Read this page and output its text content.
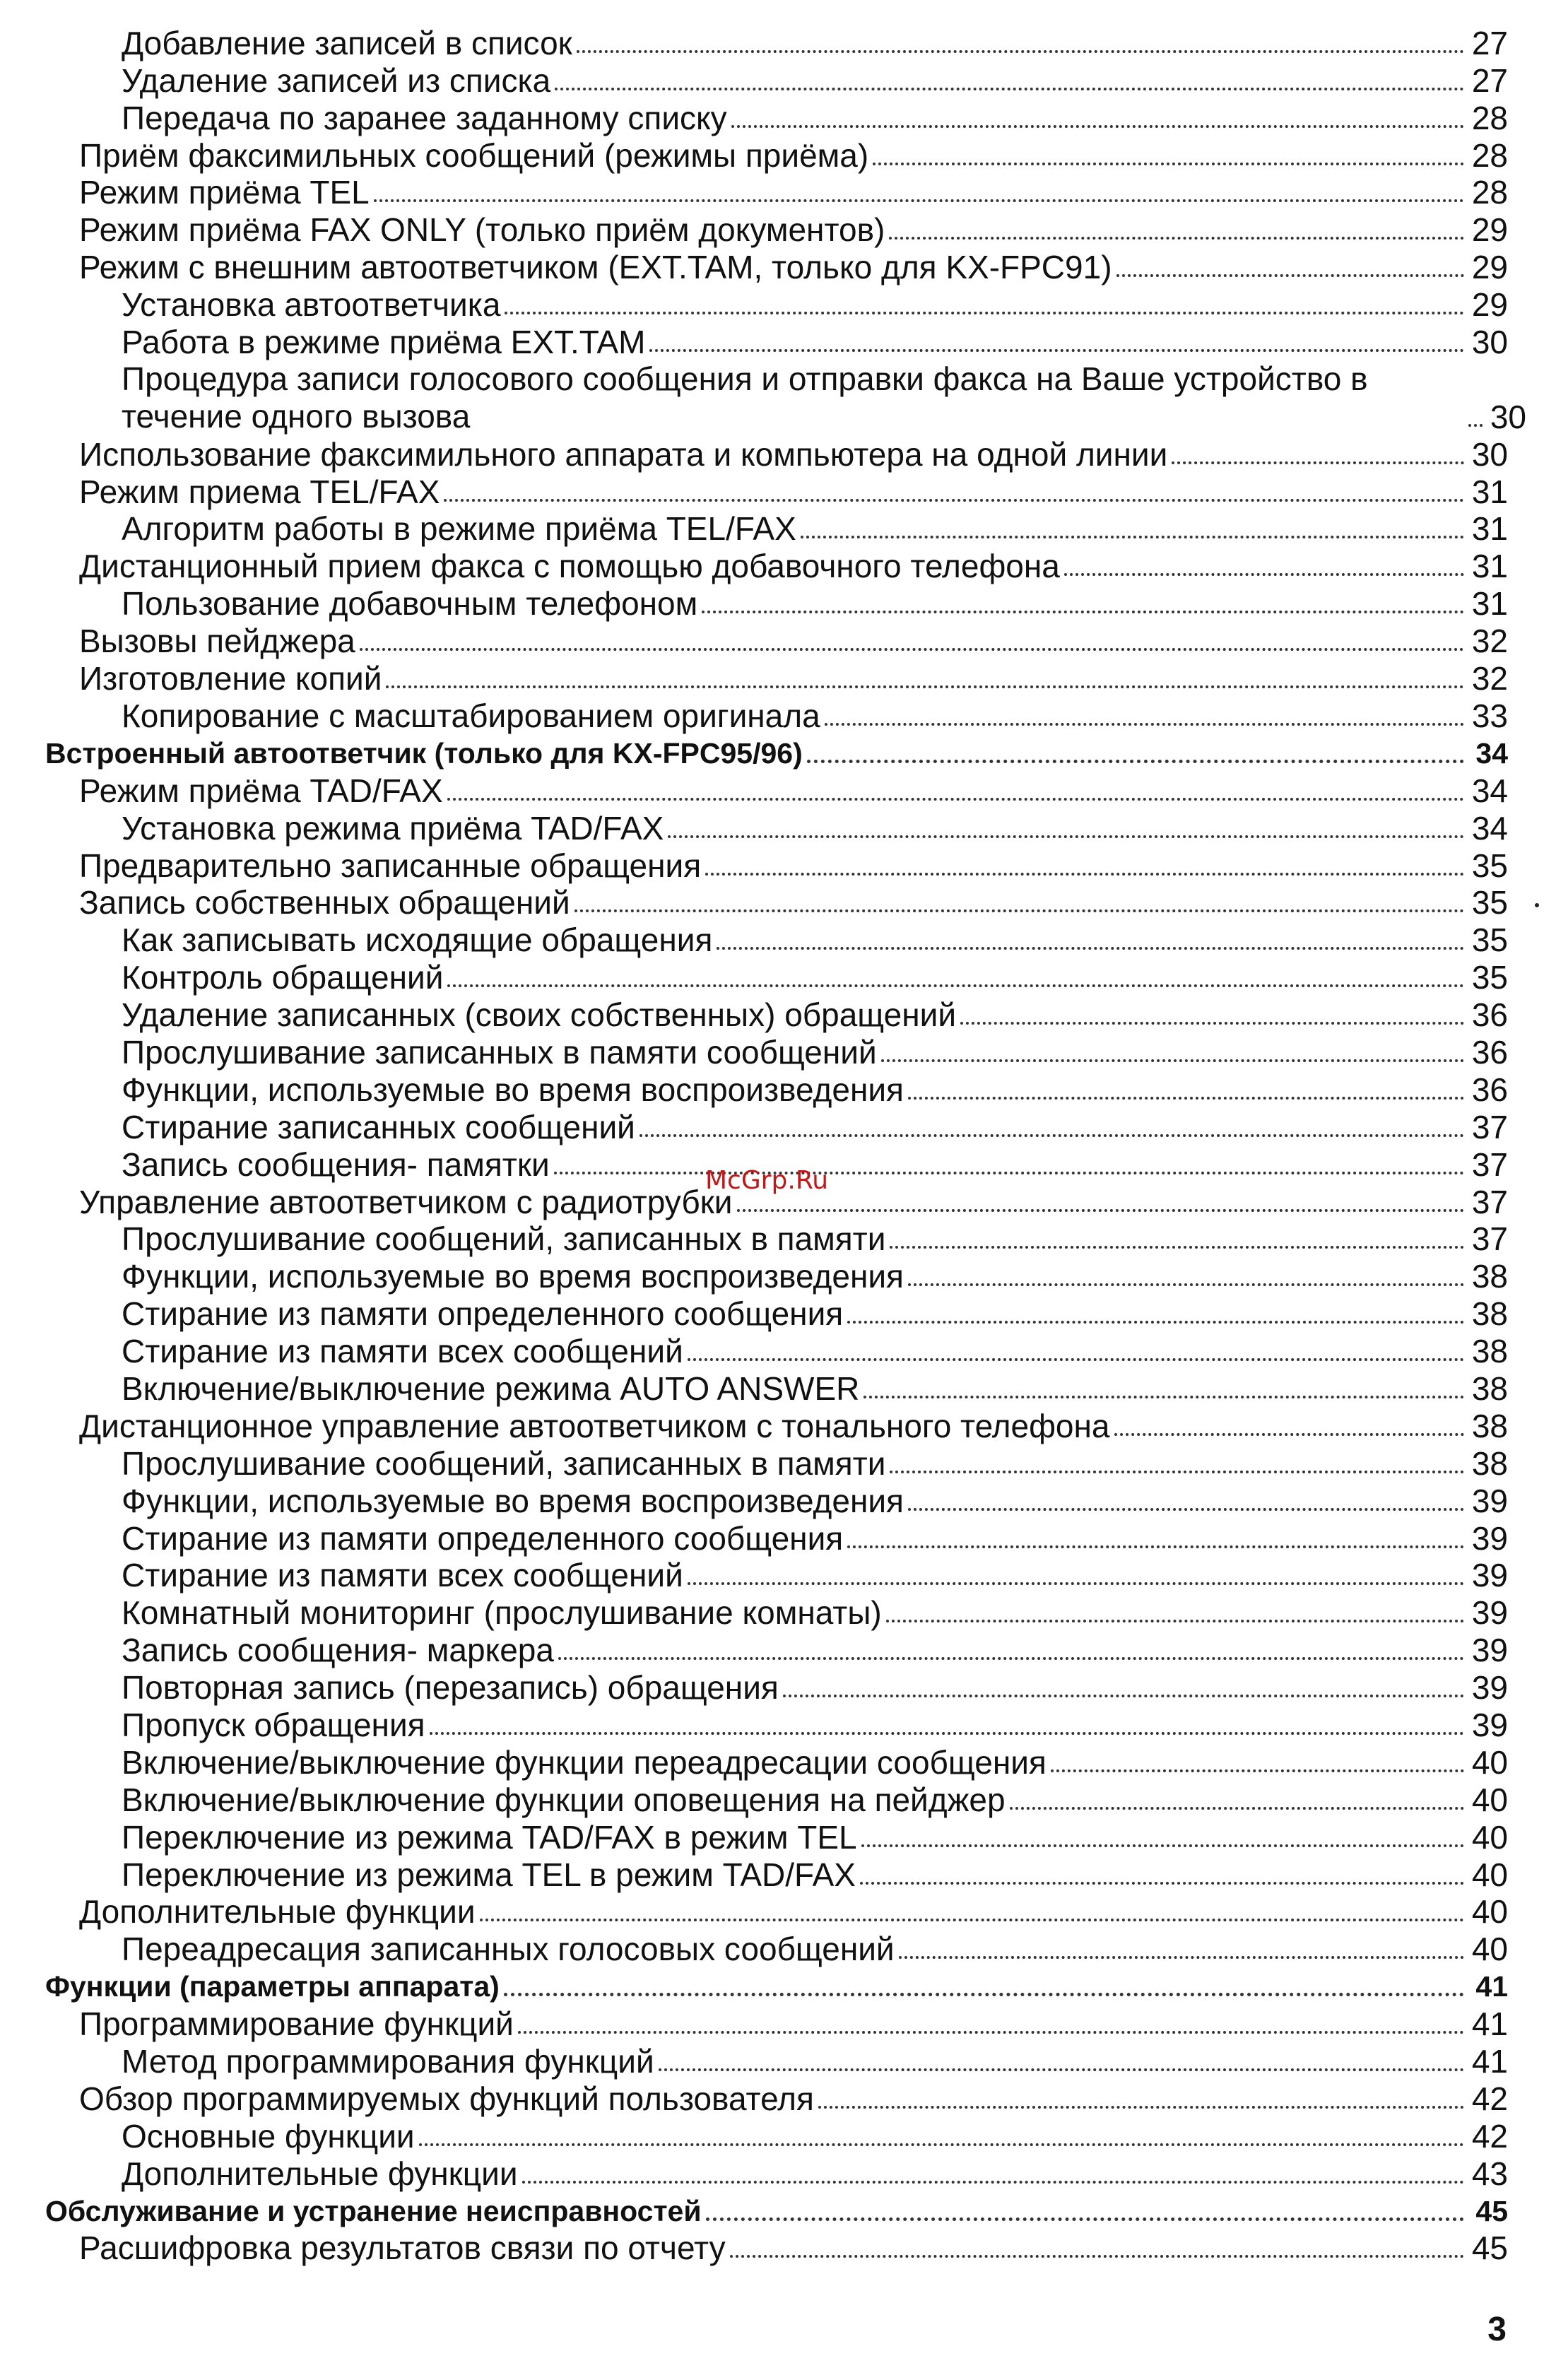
Добавление записей в список	27
Удаление записей из списка	27
Передача по заранее заданному списку	28
Приём факсимильных сообщений (режимы приёма)	28
Режим приёма TEL	28
Режим приёма FAX ONLY (только приём документов)	29
Режим с внешним автоответчиком (EXT.TAM, только для KX-FPC91)	29
Установка автоответчика	29
Работа в режиме приёма EXT.TAM	30
Процедура записи голосового сообщения и отправки факса на Ваше устройство в течение одного вызова	30
Использование факсимильного аппарата и компьютера на одной линии	30
Режим приема TEL/FAX	31
Алгоритм работы в режиме приёма TEL/FAX	31
Дистанционный прием факса с помощью добавочного телефона	31
Пользование добавочным телефоном	31
Вызовы пейджера	32
Изготовление копий	32
Копирование с масштабированием оригинала	33
Встроенный автоответчик (только для KX-FPC95/96)	34
Режим приёма TAD/FAX	34
Установка режима приёма TAD/FAX	34
Предварительно записанные обращения	35
Запись собственных обращений	35
Как записывать исходящие обращения	35
Контроль обращений	35
Удаление записанных (своих собственных) обращений	36
Прослушивание записанных в памяти сообщений	36
Функции, используемые во время воспроизведения	36
Стирание записанных сообщений	37
Запись сообщения- памятки	37
Управление автоответчиком с радиотрубки	37
Прослушивание сообщений, записанных в памяти	37
Функции, используемые во время воспроизведения	38
Стирание из памяти определенного сообщения	38
Стирание из памяти всех сообщений	38
Включение/выключение режима AUTO ANSWER	38
Дистанционное управление автоответчиком с тонального телефона	38
Прослушивание сообщений, записанных в памяти	38
Функции, используемые во время воспроизведения	39
Стирание из памяти определенного сообщения	39
Стирание из памяти всех сообщений	39
Комнатный мониторинг (прослушивание комнаты)	39
Запись сообщения- маркера	39
Повторная запись (перезапись) обращения	39
Пропуск обращения	39
Включение/выключение функции переадресации сообщения	40
Включение/выключение функции оповещения на пейджер	40
Переключение из режима TAD/FAX в режим TEL	40
Переключение из режима TEL в режим TAD/FAX	40
Дополнительные функции	40
Переадресация записанных голосовых сообщений	40
Функции (параметры аппарата)	41
Программирование функций	41
Метод программирования функций	41
Обзор программируемых функций пользователя	42
Основные функции	42
Дополнительные функции	43
Обслуживание и устранение неисправностей	45
Расшифровка результатов связи по отчету	45
McGrp.Ru
3
